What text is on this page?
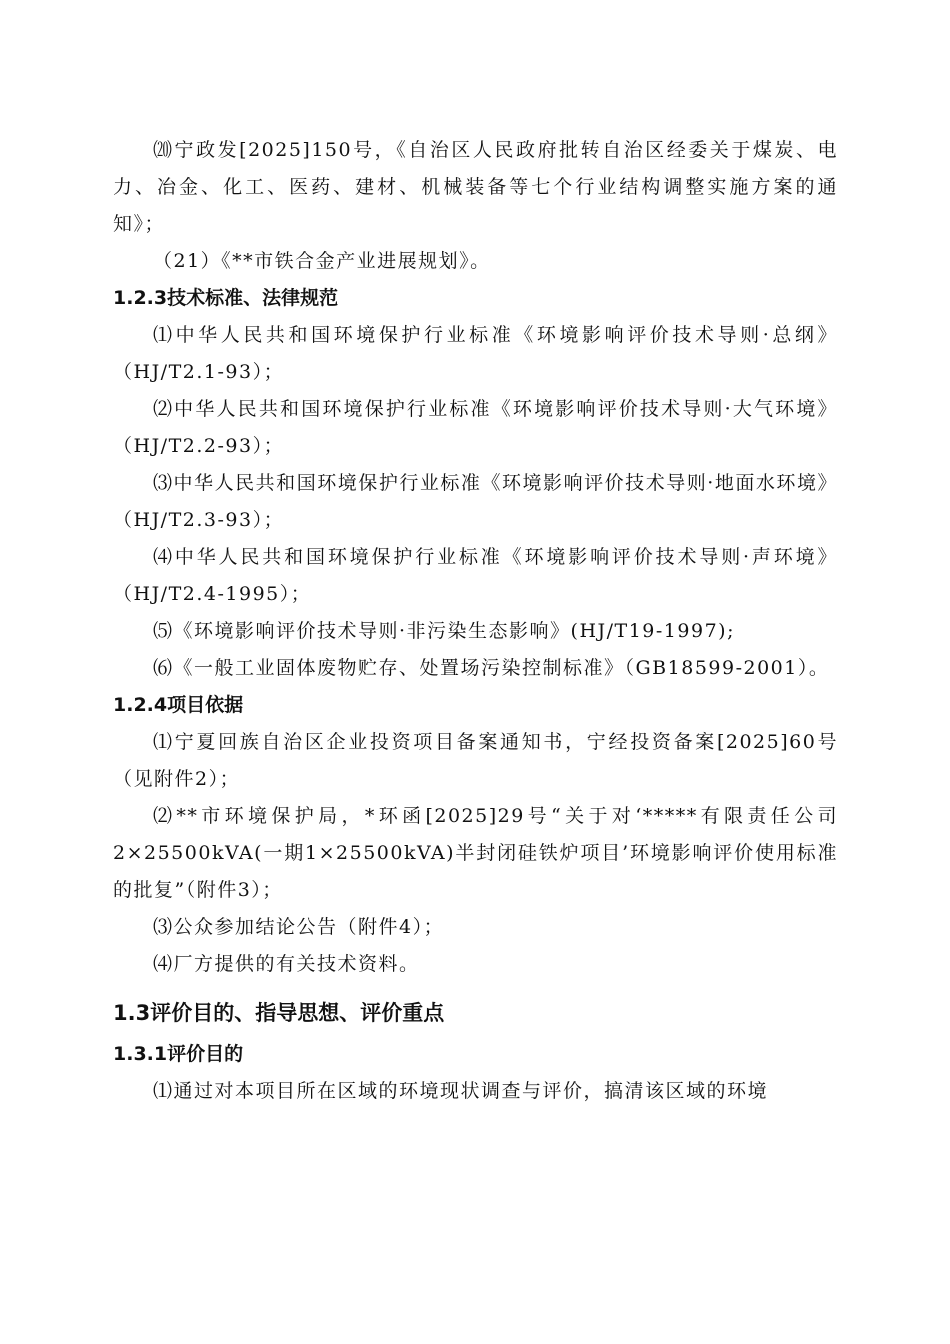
⒇宁政发[2025]150号，《自治区人民政府批转自治区经委关于煤炭、电力、冶金、化工、医药、建材、机械装备等七个行业结构调整实施方案的通知》；

（21）《**市铁合金产业进展规划》。

1.2.3技术标准、法律规范

⑴中华人民共和国环境保护行业标准《环境影响评价技术导则·总纲》（HJ/T2.1-93）；

⑵中华人民共和国环境保护行业标准《环境影响评价技术导则·大气环境》（HJ/T2.2-93）；

⑶中华人民共和国环境保护行业标准《环境影响评价技术导则·地面水环境》（HJ/T2.3-93）；

⑷中华人民共和国环境保护行业标准《环境影响评价技术导则·声环境》（HJ/T2.4-1995）；

⑸《环境影响评价技术导则·非污染生态影响》(HJ/T19-1997);

⑹《一般工业固体废物贮存、处置场污染控制标准》（GB18599-2001）。

1.2.4项目依据

⑴宁夏回族自治区企业投资项目备案通知书，宁经投资备案[2025]60号（见附件2）；

⑵**市环境保护局，*环函[2025]29号“关于对‘*****有限责任公司2×25500kVA(一期1×25500kVA)半封闭硅铁炉项目’环境影响评价使用标准的批复”（附件3）；

⑶公众参加结论公告（附件4）；

⑷厂方提供的有关技术资料。

1.3评价目的、指导思想、评价重点
1.3.1评价目的

⑴通过对本项目所在区域的环境现状调查与评价，搞清该区域的环境
